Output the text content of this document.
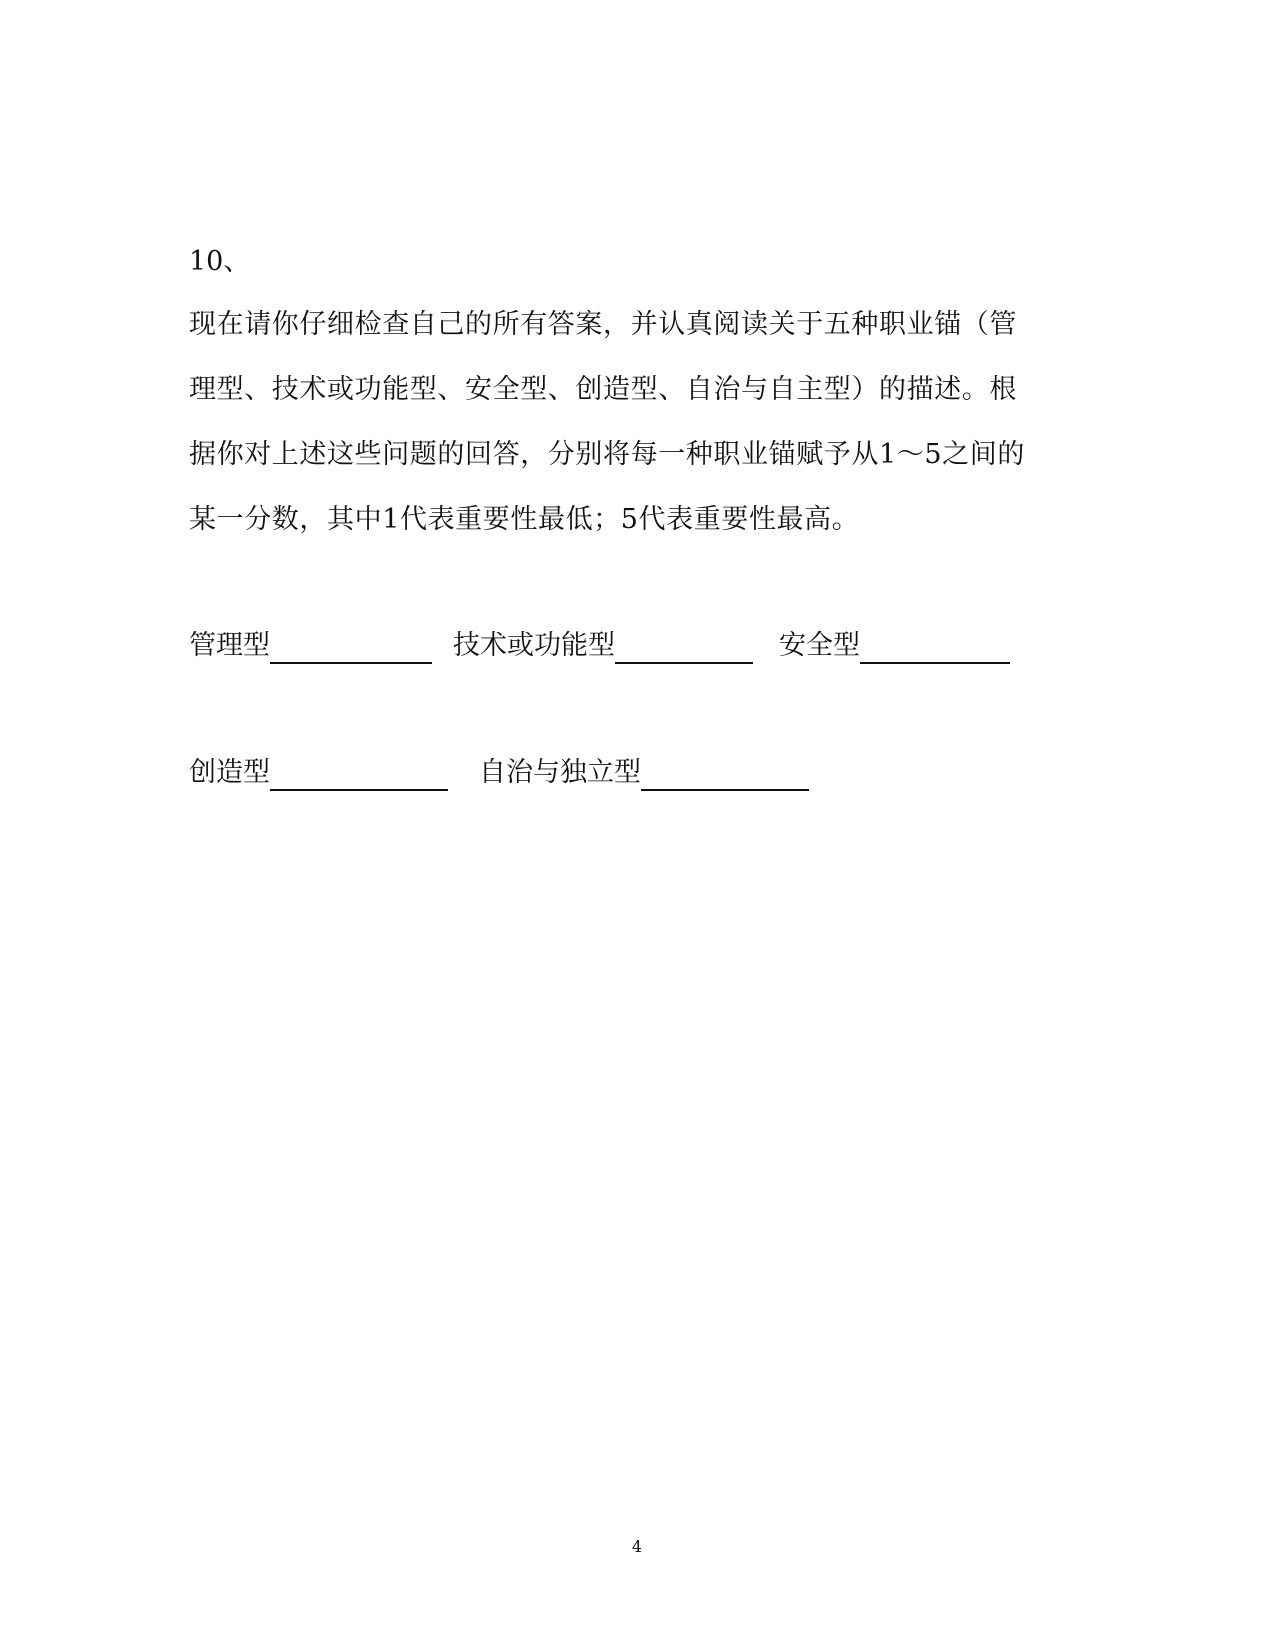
10、

现在请你仔细检查自己的所有答案，并认真阅读关于五种职业锚（管
理型、技术或功能型、安全型、创造型、自治与自主型）的描述。根
据你对上述这些问题的回答，分别将每一种职业锚赋予从1～5之间的
某一分数，其中1代表重要性最低；5代表重要性最高。

管理型	技术或功能型	安全型
创造型	自治与独立型
4
